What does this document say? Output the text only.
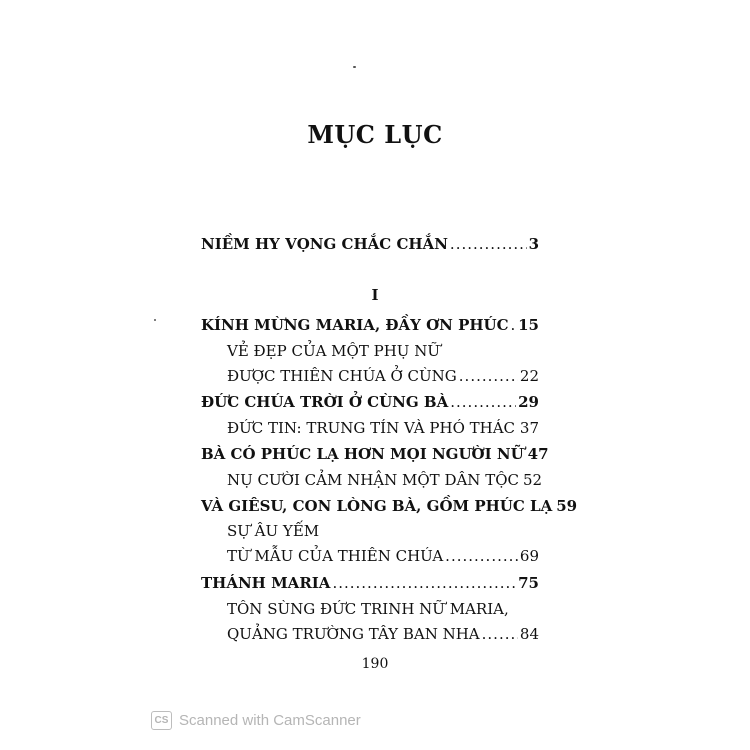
MỤC LỤC
NIỀM HY VỌNG CHẮC CHẮN .....	3
KÍNH MỪNG MARIA, ĐẦY ƠN PHÚC ..... 15
VẺ ĐẸP CỦA MỘT PHỤ NỮ
ĐƯỢC THIÊN CHÚA Ở CÙNG .....	22
ĐỨC CHÚA TRỜI Ở CÙNG BÀ .....	29
ĐỨC TIN: TRUNG TÍN VÀ PHÓ THÁC ..... 37
BÀ CÓ PHÚC LẠ HƠN MỌI NGƯỜI NỮ 47
NỤ CƯỜI CẢM NHẬN MỘT DÂN TỘC 52
VÀ GIÊSU, CON LÒNG BÀ, GỒM PHÚC LẠ 59
SỰ ÂU YẾM
TỪ MẪU CỦA THIÊN CHÚA .....	69
THÁNH MARIA .....	75
TÔN SÙNG ĐỨC TRINH NỮ MARIA,
QUẢNG TRƯỜNG TÂY BAN NHA .....	84
I
190
CS Scanned with CamScanner
